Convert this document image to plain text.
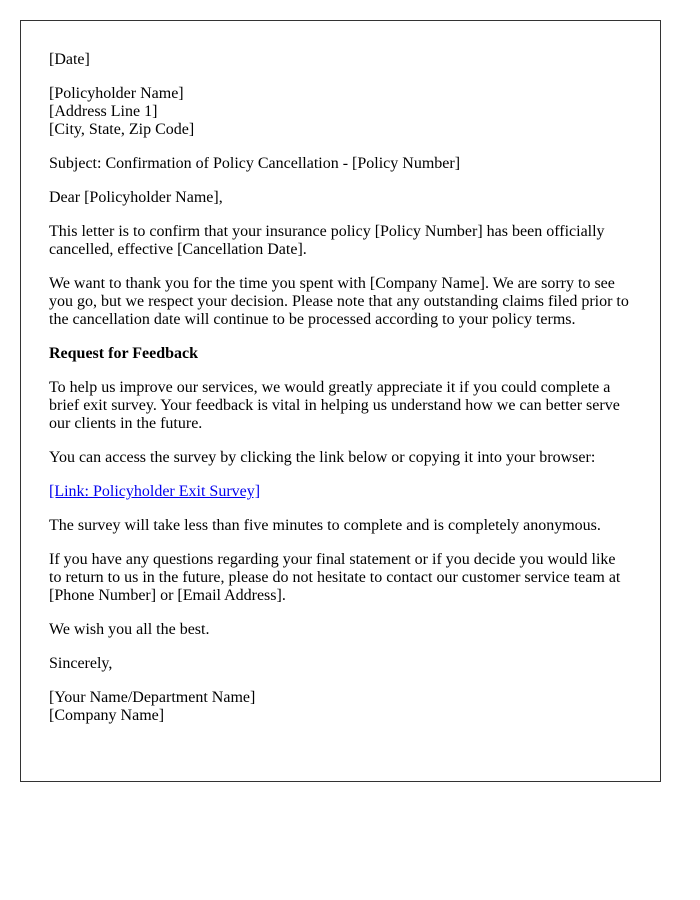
[Date]

[Policyholder Name]
[Address Line 1]
[City, State, Zip Code]

Subject: Confirmation of Policy Cancellation - [Policy Number]

Dear [Policyholder Name],

This letter is to confirm that your insurance policy [Policy Number] has been officially cancelled, effective [Cancellation Date].

We want to thank you for the time you spent with [Company Name]. We are sorry to see you go, but we respect your decision. Please note that any outstanding claims filed prior to the cancellation date will continue to be processed according to your policy terms.

Request for Feedback

To help us improve our services, we would greatly appreciate it if you could complete a brief exit survey. Your feedback is vital in helping us understand how we can better serve our clients in the future.

You can access the survey by clicking the link below or copying it into your browser:

[Link: Policyholder Exit Survey]

The survey will take less than five minutes to complete and is completely anonymous.

If you have any questions regarding your final statement or if you decide you would like to return to us in the future, please do not hesitate to contact our customer service team at [Phone Number] or [Email Address].

We wish you all the best.

Sincerely,

[Your Name/Department Name]
[Company Name]
